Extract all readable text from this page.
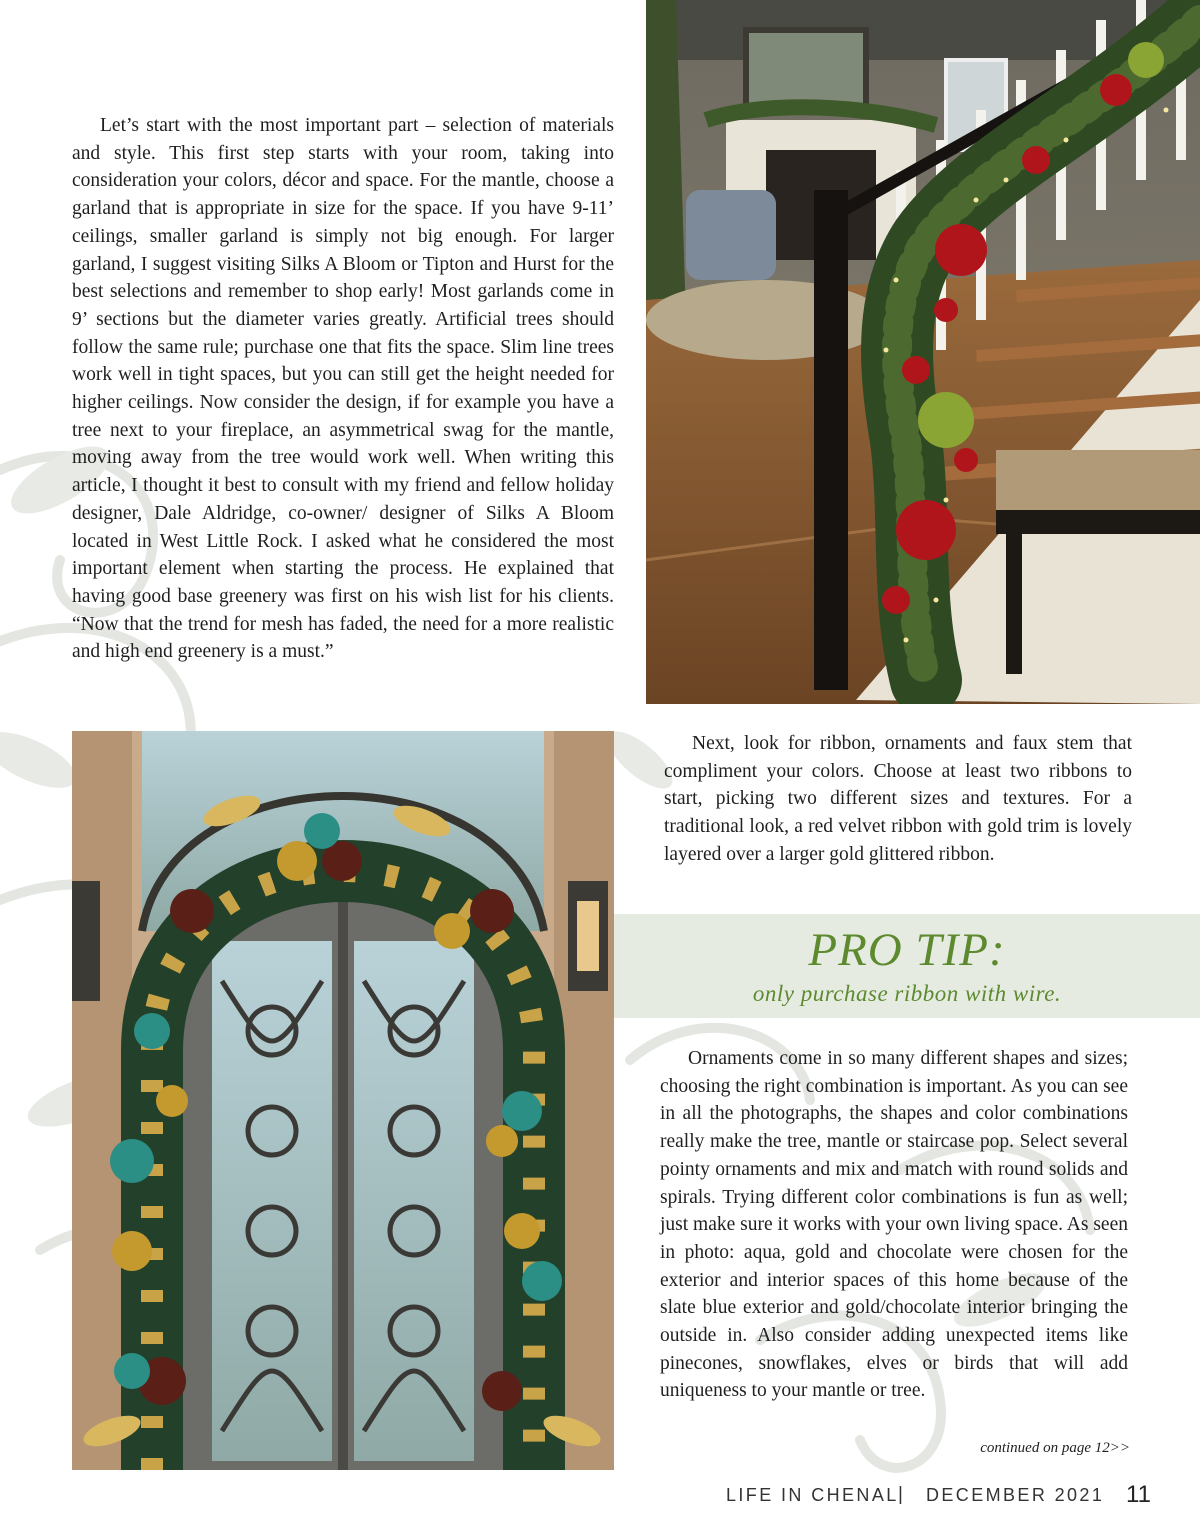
Let’s start with the most important part – selection of materials and style. This first step starts with your room, taking into consideration your colors, décor and space. For the mantle, choose a garland that is appropriate in size for the space. If you have 9-11’ ceilings, smaller garland is simply not big enough. For larger garland, I suggest visiting Silks A Bloom or Tipton and Hurst for the best selections and remember to shop early! Most garlands come in 9’ sections but the diameter varies greatly. Artificial trees should follow the same rule; purchase one that fits the space. Slim line trees work well in tight spaces, but you can still get the height needed for higher ceilings. Now consider the design, if for example you have a tree next to your fireplace, an asymmetrical swag for the mantle, moving away from the tree would work well. When writing this article, I thought it best to consult with my friend and fellow holiday designer, Dale Aldridge, co-owner/ designer of Silks A Bloom located in West Little Rock. I asked what he considered the most important element when starting the process. He explained that having good base greenery was first on his wish list for his clients. “Now that the trend for mesh has faded, the need for a more realistic and high end greenery is a must.”

Next, look for ribbon, ornaments and faux stem that compliment your colors. Choose at least two ribbons to start, picking two different sizes and textures. For a traditional look, a red velvet ribbon with gold trim is lovely layered over a larger gold glittered ribbon.

PRO TIP:
only purchase ribbon with wire.

Ornaments come in so many different shapes and sizes; choosing the right combination is important. As you can see in all the photographs, the shapes and color combinations really make the tree, mantle or staircase pop. Select several pointy ornaments and mix and match with round solids and spirals. Trying different color combinations is fun as well; just make sure it works with your own living space. As seen in photo: aqua, gold and chocolate were chosen for the exterior and interior spaces of this home because of the slate blue exterior and gold/chocolate interior bringing the outside in. Also consider adding unexpected items like pinecones, snowflakes, elves or birds that will add uniqueness to your mantle or tree.

continued on page 12>>
LIFE IN CHENAL | DECEMBER 2021 11
